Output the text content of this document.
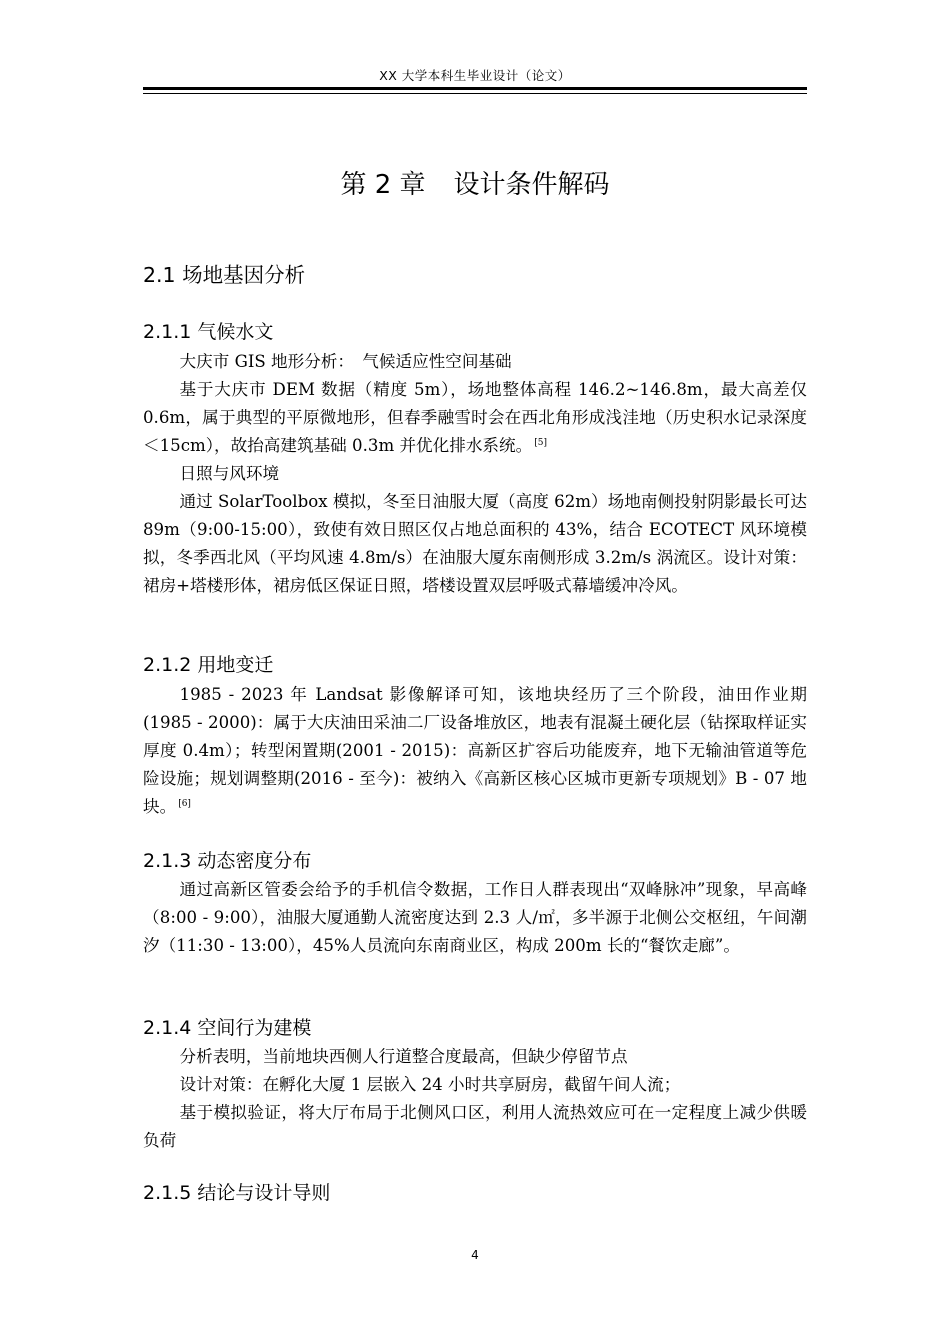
XX 大学本科生毕业设计（论文）
第 2 章 设计条件解码
2.1 场地基因分析
2.1.1 气候水文

大庆市 GIS 地形分析：　气候适应性空间基础

基于大庆市 DEM 数据（精度 5m），场地整体高程 146.2~146.8m，最大高差仅 0.6m，属于典型的平原微地形，但春季融雪时会在西北角形成浅洼地（历史积水记录深度＜15cm），故抬高建筑基础 0.3m 并优化排水系统。 [5]

日照与风环境

通过 SolarToolbox 模拟，冬至日油服大厦（高度 62m）场地南侧投射阴影最长可达 89m（9:00-15:00），致使有效日照区仅占地总面积的 43%，结合 ECOTECT 风环境模拟，冬季西北风（平均风速 4.8m/s）在油服大厦东南侧形成 3.2m/s 涡流区。设计对策：裙房+塔楼形体，裙房低区保证日照，塔楼设置双层呼吸式幕墙缓冲冷风。

2.1.2 用地变迁

1985 - 2023 年 Landsat 影像解译可知，该地块经历了三个阶段，油田作业期 (1985 - 2000)：属于大庆油田采油二厂设备堆放区，地表有混凝土硬化层（钻探取样证实厚度 0.4m）；转型闲置期(2001 - 2015)：高新区扩容后功能废弃，地下无输油管道等危险设施；规划调整期(2016 - 至今)：被纳入《高新区核心区城市更新专项规划》B - 07 地块。 [6]

2.1.3 动态密度分布

通过高新区管委会给予的手机信令数据，工作日人群表现出“双峰脉冲”现象，早高峰（8:00 - 9:00），油服大厦通勤人流密度达到 2.3 人/㎡，多半源于北侧公交枢纽，午间潮汐（11:30 - 13:00），45%人员流向东南商业区，构成 200m 长的“餐饮走廊”。

2.1.4 空间行为建模

分析表明，当前地块西侧人行道整合度最高，但缺少停留节点

设计对策：在孵化大厦 1 层嵌入 24 小时共享厨房，截留午间人流；

基于模拟验证，将大厅布局于北侧风口区，利用人流热效应可在一定程度上减少供暖负荷

2.1.5 结论与设计导则
4
